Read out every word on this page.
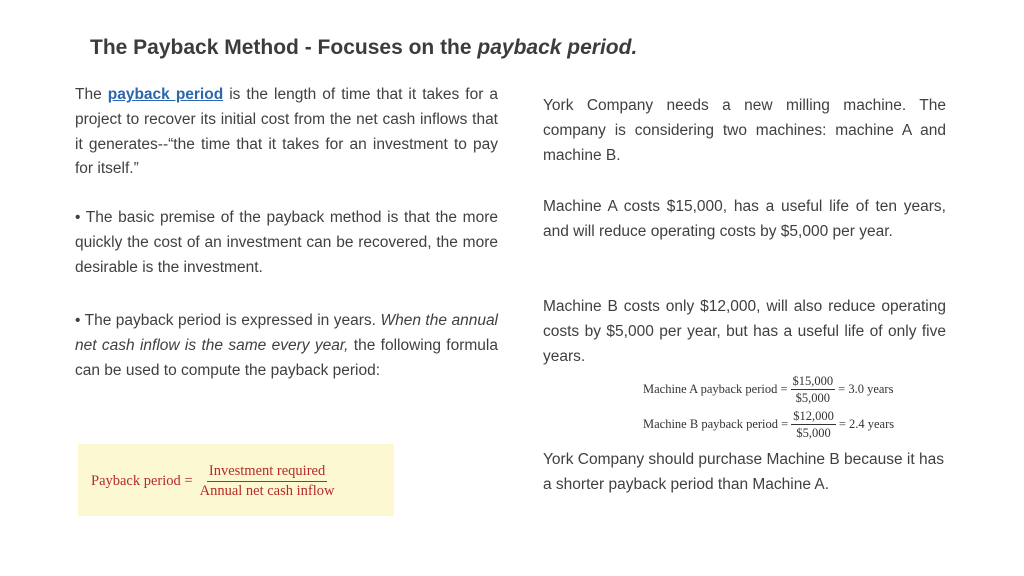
The Payback Method - Focuses on the payback period.
The payback period is the length of time that it takes for a project to recover its initial cost from the net cash inflows that it generates--“the time that it takes for an investment to pay for itself.”
• The basic premise of the payback method is that the more quickly the cost of an investment can be recovered, the more desirable is the investment.
• The payback period is expressed in years. When the annual net cash inflow is the same every year, the following formula can be used to compute the payback period:
Payback period = $\frac{\text{Investment required}}{\text{Annual net cash inflow}}$
York Company needs a new milling machine. The company is considering two machines: machine A and machine B.
Machine A costs $15,000, has a useful life of ten years, and will reduce operating costs by $5,000 per year.
Machine B costs only $12,000, will also reduce operating costs by $5,000 per year, but has a useful life of only five years.
Machine A payback period = $\frac{\$15,000}{\$5,000} = 3.0$ years
Machine B payback period = $\frac{\$12,000}{\$5,000} = 2.4$ years
York Company should purchase Machine B because it has a shorter payback period than Machine A.
